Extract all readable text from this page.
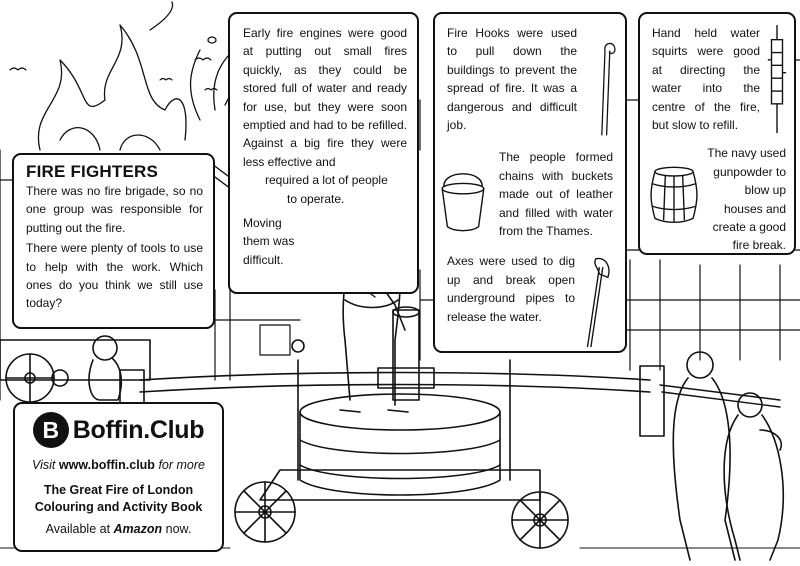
FIRE FIGHTERS

There was no fire brigade, so no one group was responsible for putting out the fire.

There were plenty of tools to use to help with the work. Which ones do you think we still use today?

Early fire engines were good at putting out small fires quickly, as they could be stored full of water and ready for use, but they were soon emptied and had to be refilled. Against a big fire they were less effective and

required a lot of people

to operate.

Moving them was difficult.

Fire Hooks were used to pull down the buildings to prevent the spread of fire. It was a dangerous and difficult job.

The people formed chains with buckets made out of leather and filled with water from the Thames.

Axes were used to dig up and break open underground pipes to release the water.

Hand held water squirts were good at directing the water into the centre of the fire, but slow to refill.

The navy used gunpowder to blow up houses and create a good fire break.

B Boffin.Club

Visit www.boffin.club for more

The Great Fire of London

Colouring and Activity Book

Available at Amazon now.
